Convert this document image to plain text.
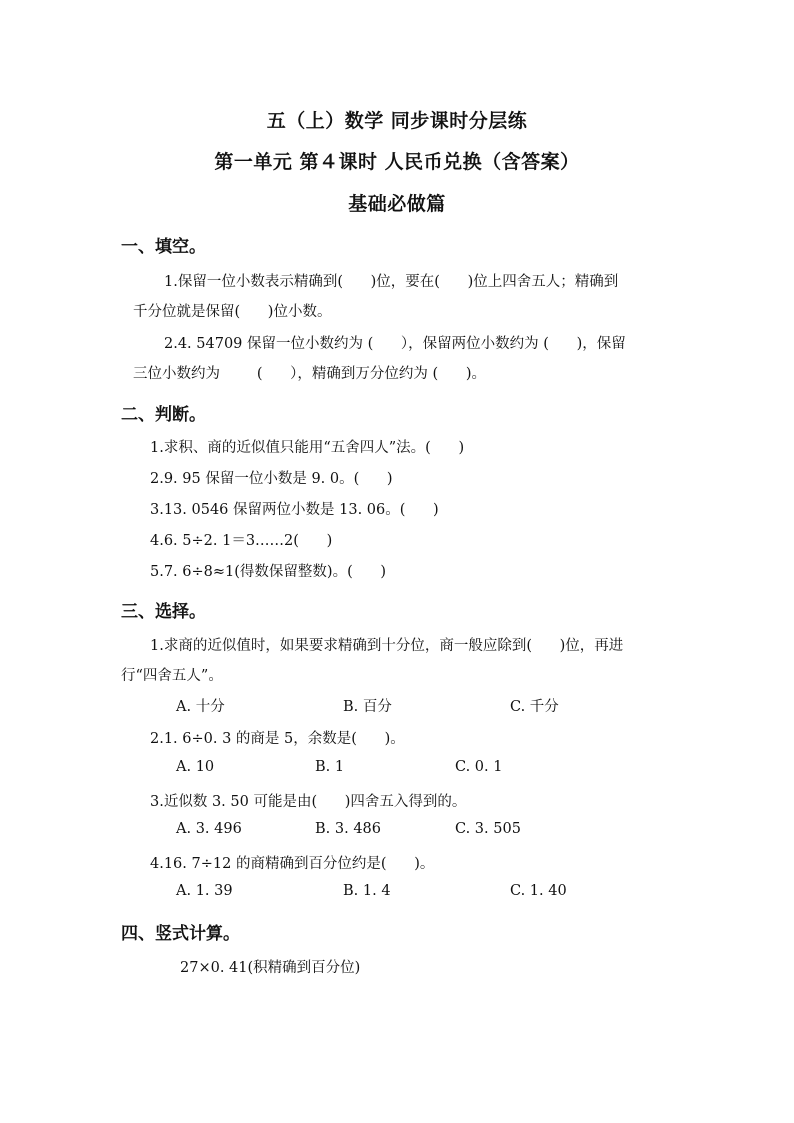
五（上）数学 同步课时分层练
第一单元 第４课时 人民币兑换（含答案）
基础必做篇
一、填空。
1.保留一位小数表示精确到(      )位，要在(      )位上四舍五人；精确到
千分位就是保留(      )位小数。
2.4. 54709 保留一位小数约为 (      ），保留两位小数约为 (      )，保留
三位小数约为        (      ），精确到万分位约为 (      )。
二、判断。
1.求积、商的近似值只能用“五舍四人”法。(      )
2.9. 95 保留一位小数是 9. 0。(      )
3.13. 0546 保留两位小数是 13. 06。(      )
4.6. 5÷2. 1＝3……2(      )
5.7. 6÷8≈1(得数保留整数)。(      )
三、选择。
1.求商的近似值时，如果要求精确到十分位，商一般应除到(      )位，再进
行“四舍五人”。
A. 十分	B. 百分	C. 千分
2.1. 6÷0. 3 的商是 5，余数是(      )。
A. 10	B. 1	C. 0. 1
3.近似数 3. 50 可能是由(      )四舍五入得到的。
A. 3. 496	B. 3. 486	C. 3. 505
4.16. 7÷12 的商精确到百分位约是(      )。
A. 1. 39	B. 1. 4	C. 1. 40
四、竖式计算。
27×0. 41(积精确到百分位)
